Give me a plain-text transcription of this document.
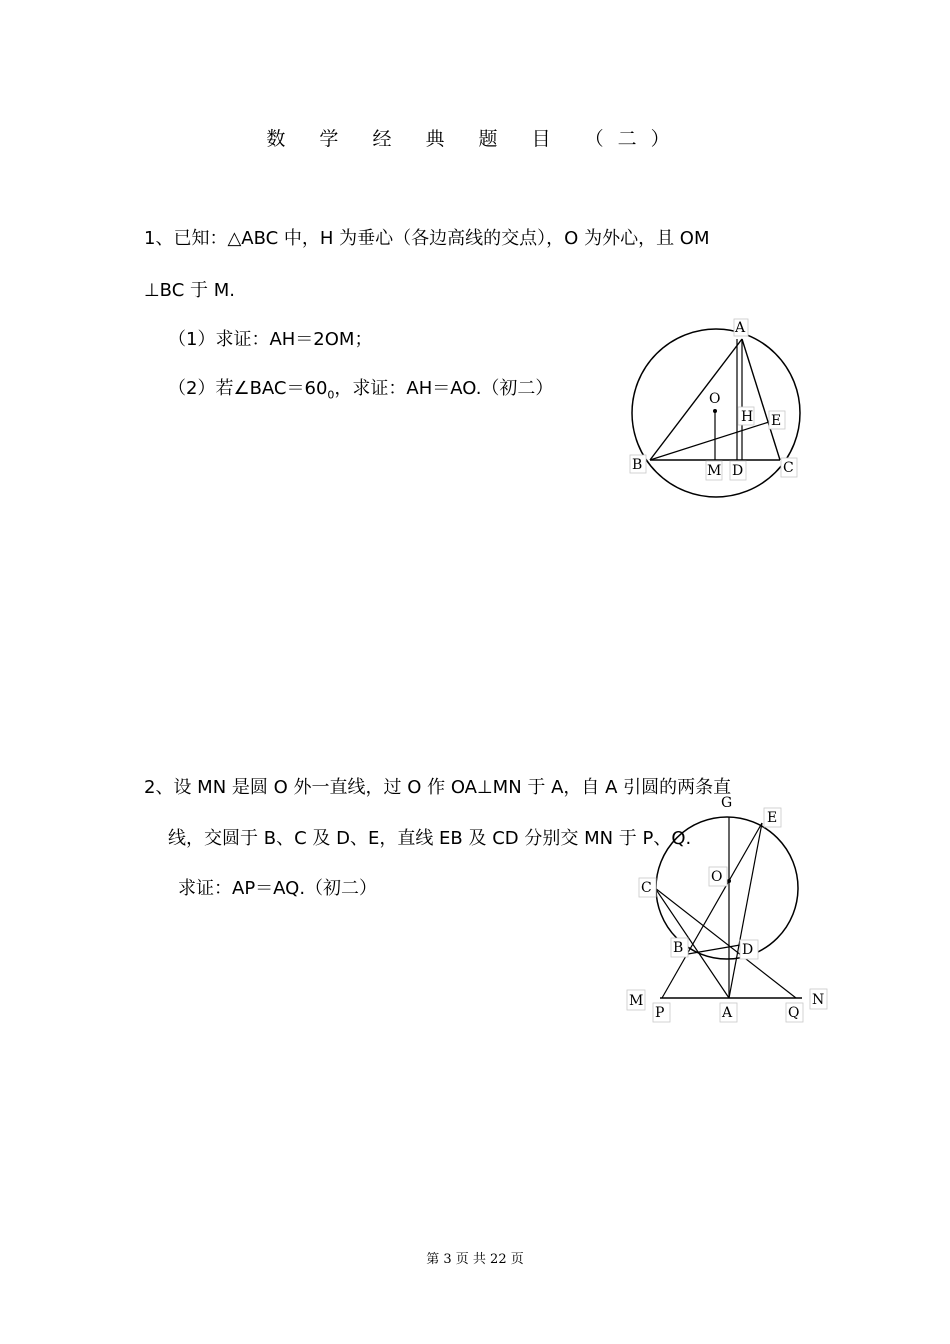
数 学 经 典 题 目 （二）
1、已知：△ABC 中，H 为垂心（各边高线的交点），O 为外心，且 OM
⊥BC 于 M.
（1）求证：AH＝2OM；
（2）若$\angle BAC=60_0$，求证：AH＝AO.（初二）
A
O
H E
B	M D	C
2、设 MN 是圆 O 外一直线，过 O 作 OA⊥MN 于 A，自 A 引圆的两条直
线，交圆于 B、C 及 D、E，直线 EB 及 CD 分别交 MN 于 P、Q.
求证：AP＝AQ.（初二）
G
E
O
C
B	D
M	N
P	A	Q
第 3 页 共 22 页
